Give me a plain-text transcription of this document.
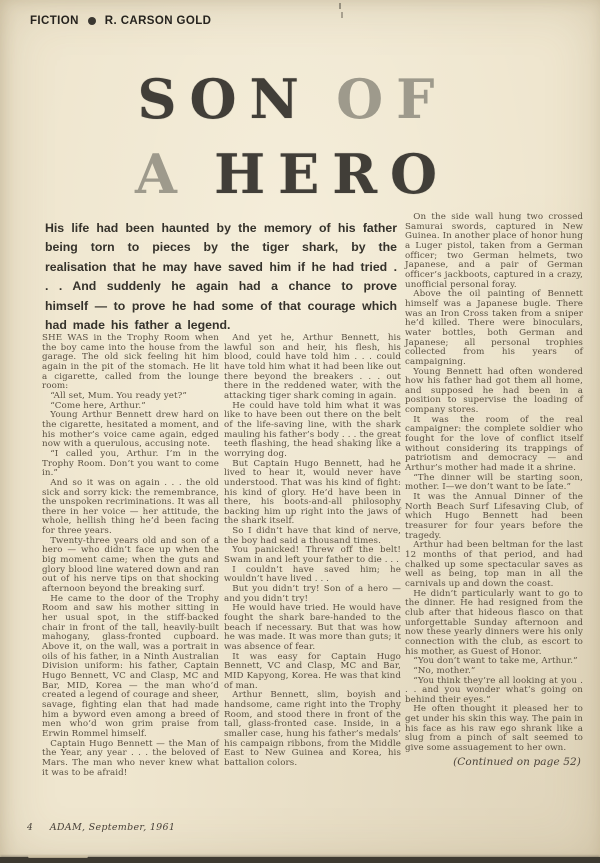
FICTION R. CARSON GOLD
SON OF
A HERO
His life had been haunted by the memory of his father being torn to pieces by the tiger shark, by the realisation that he may have saved him if he had tried . . . And suddenly he again had a chance to prove himself — to prove he had some of that courage which had made his father a legend.

SHE WAS in the Trophy Room when the boy came into the house from the garage. The old sick feeling hit him again in the pit of the stomach. He lit a cigarette, called from the lounge room:

“All set, Mum. You ready yet?”

“Come here, Arthur.”

Young Arthur Bennett drew hard on the cigarette, hesitated a moment, and his mother’s voice came again, edged now with a querulous, accusing note.

“I called you, Arthur. I’m in the Trophy Room. Don’t you want to come in.”

And so it was on again . . . the old sick and sorry kick: the remembrance, the unspoken recriminations. It was all there in her voice — her attitude, the whole, hellish thing he’d been facing for three years.

Twenty-three years old and son of a hero — who didn’t face up when the big moment came; when the guts and glory blood line watered down and ran out of his nerve tips on that shocking afternoon beyond the breaking surf.

He came to the door of the Trophy Room and saw his mother sitting in her usual spot, in the stiff-backed chair in front of the tall, heavily-built mahogany, glass-fronted cupboard. Above it, on the wall, was a portrait in oils of his father, in a Ninth Australian Division uniform: his father, Captain Hugo Bennett, VC and Clasp, MC and Bar, MID, Korea — the man who’d created a legend of courage and sheer, savage, fighting elan that had made him a byword even among a breed of men who’d won grim praise from Erwin Rommel himself.

Captain Hugo Bennett — the Man of the Year, any year . . . the beloved of Mars. The man who never knew what it was to be afraid!

And yet he, Arthur Bennett, his lawful son and heir, his flesh, his blood, could have told him . . . could have told him what it had been like out there beyond the breakers . . . out there in the reddened water, with the attacking tiger shark coming in again.

He could have told him what it was like to have been out there on the belt of the life-saving line, with the shark mauling his father’s body . . . the great teeth flashing, the head shaking like a worrying dog.

But Captain Hugo Bennett, had he lived to hear it, would never have understood. That was his kind of fight: his kind of glory. He’d have been in there, his boots-and-all philosophy backing him up right into the jaws of the shark itself.

So I didn’t have that kind of nerve, the boy had said a thousand times.

You panicked! Threw off the belt! Swam in and left your father to die . . .

I couldn’t have saved him; he wouldn’t have lived . . .

But you didn’t try! Son of a hero — and you didn’t try!

He would have tried. He would have fought the shark bare-handed to the beach if necessary. But that was how he was made. It was more than guts; it was absence of fear.

It was easy for Captain Hugo Bennett, VC and Clasp, MC and Bar, MID Kapyong, Korea. He was that kind of man.

Arthur Bennett, slim, boyish and handsome, came right into the Trophy Room, and stood there in front of the tall, glass-fronted case. Inside, in a smaller case, hung his father’s medals’ his campaign ribbons, from the Middle East to New Guinea and Korea, his battalion colors.

On the side wall hung two crossed Samurai swords, captured in New Guinea. In another place of honor hung a Luger pistol, taken from a German officer; two German helmets, two Japanese, and a pair of German officer’s jackboots, captured in a crazy, unofficial personal foray.

Above the oil painting of Bennett himself was a Japanese bugle. There was an Iron Cross taken from a sniper he’d killed. There were binoculars, water bottles, both German and Japanese; all personal trophies collected from his years of campaigning.

Young Bennett had often wondered how his father had got them all home, and supposed he had been in a position to supervise the loading of company stores.

It was the room of the real campaigner: the complete soldier who fought for the love of conflict itself without considering its trappings of patriotism and democracy — and Arthur’s mother had made it a shrine.

“The dinner will be starting soon, mother. I—we don’t want to be late.”

It was the Annual Dinner of the North Beach Surf Lifesaving Club, of which Hugo Bennett had been treasurer for four years before the tragedy.

Arthur had been beltman for the last 12 months of that period, and had chalked up some spectacular saves as well as being, top man in all the carnivals up and down the coast.

He didn’t particularly want to go to the dinner. He had resigned from the club after that hideous fiasco on that unforgettable Sunday afternoon and now these yearly dinners were his only connection with the club, as escort to his mother, as Guest of Honor.

“You don’t want to take me, Arthur.”

“No, mother.”

“You think they’re all looking at you . . . and you wonder what’s going on behind their eyes.”

He often thought it pleased her to get under his skin this way. The pain in his face as his raw ego shrank like a slug from a pinch of salt seemed to give some assuagement to her own.

(Continued on page 52)

4 ADAM, September, 1961
